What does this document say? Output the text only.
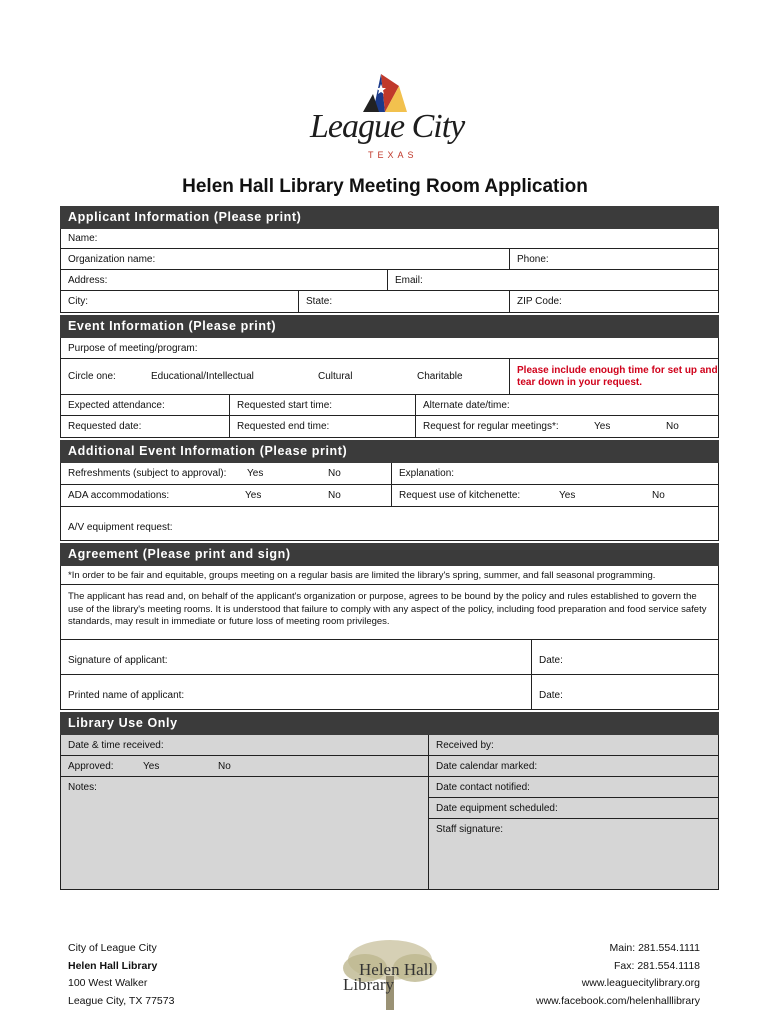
League City
TEXAS
Helen Hall Library Meeting Room Application
Applicant Information (Please print)
Name:
Organization name:	Phone:
Address:	Email:
City:	State:	ZIP Code:
Event Information (Please print)
Purpose of meeting/program:
Circle one:	Educational/Intellectual	Cultural	Charitable
Please include enough time for set up and tear down in your request.
Expected attendance:	Requested start time:	Alternate date/time:
Requested date:	Requested end time:	Request for regular meetings*:	Yes	No
Additional Event Information (Please print)
Refreshments (subject to approval): Yes	No	Explanation:
ADA accommodations:	Yes	No	Request use of kitchenette:	Yes	No
A/V equipment request:
Agreement (Please print and sign)
*In order to be fair and equitable, groups meeting on a regular basis are limited the library's spring, summer, and fall seasonal programming.
The applicant has read and, on behalf of the applicant's organization or purpose, agrees to be bound by the policy and rules established to govern the use of the library's meeting rooms. It is understood that failure to comply with any aspect of the policy, including food preparation and food service safety standards, may result in immediate or future loss of meeting room privileges.
Signature of applicant:	Date:
Printed name of applicant:	Date:
Library Use Only
Date & time received:
Approved:	Yes	No
Notes:
Received by:
Date calendar marked:
Date contact notified:
Date equipment scheduled:
Staff signature:
City of League City
Helen Hall Library
100 West Walker
League City, TX 77573
Helen Hall
Library
Main: 281.554.1111
Fax: 281.554.1118
www.leaguecitylibrary.org
www.facebook.com/helenhalllibrary
